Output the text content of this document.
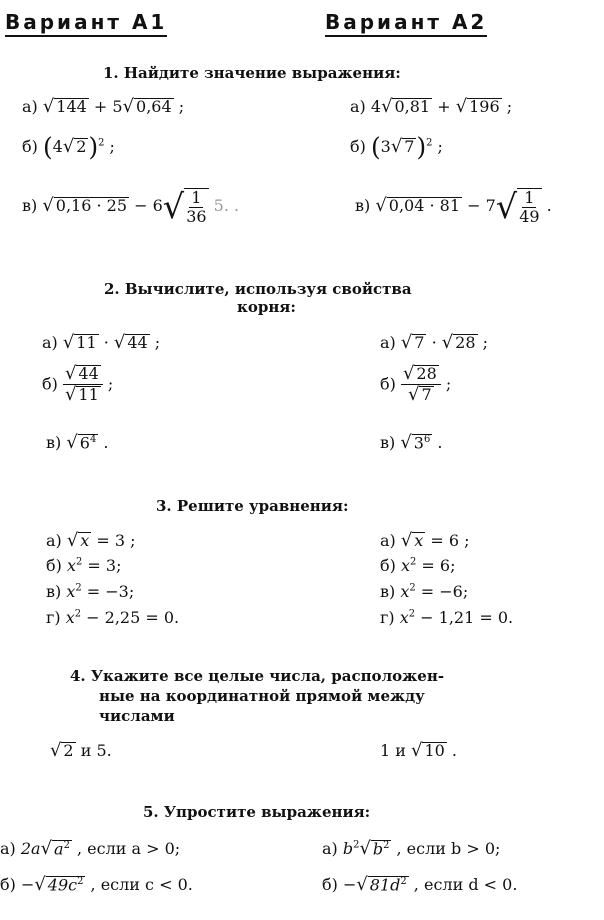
Вариант А1	Вариант А2
1. Найдите значение выражения:
а) √ 144 + 5√ 0,64 ;	а) 4√ 0,81 + √ 196 ;
б) (4√ 2)$^2$ ;	б) (3√ 7)$^2$ ;
в) √ 0,16 · 25 − 6
√ $\frac{1}{36} 5$. .	в) √ 0,04 · 81 − 7
√ $\frac{1}{49}$ .
2. Вычислите, используя свойства
корня:
а) √ 11 · √ 44 ;	а) √ 7 · √ 28 ;
б)
√ 44
√ 11 ;	б)
√ 28
√ 7 ;
в) √ $6^4$ .	в) √ $3^6$ .
3. Решите уравнения:
а) √ x = 3 ;
б) $x^2 = 3$;
в) $x^2 = -3$;
г) $x^2 - 2,25 = 0$.
а) √ x = 6 ;
б) $x^2 = 6$;
в) $x^2 = -6$;
г) $x^2 - 1,21 = 0$.
4. Укажите все целые числа, расположен-
ные на координатной прямой между
числами
√ 2 и 5.	1 и √ 10 .
5. Упростите выражения:
а) 2a√ $a^2$ , если a > 0;
б) −√ $49c^2$ , если c < 0.
а) $b^2√$ $b^2$ , если b > 0;
б) −√ $81d^2$ , если d < 0.
